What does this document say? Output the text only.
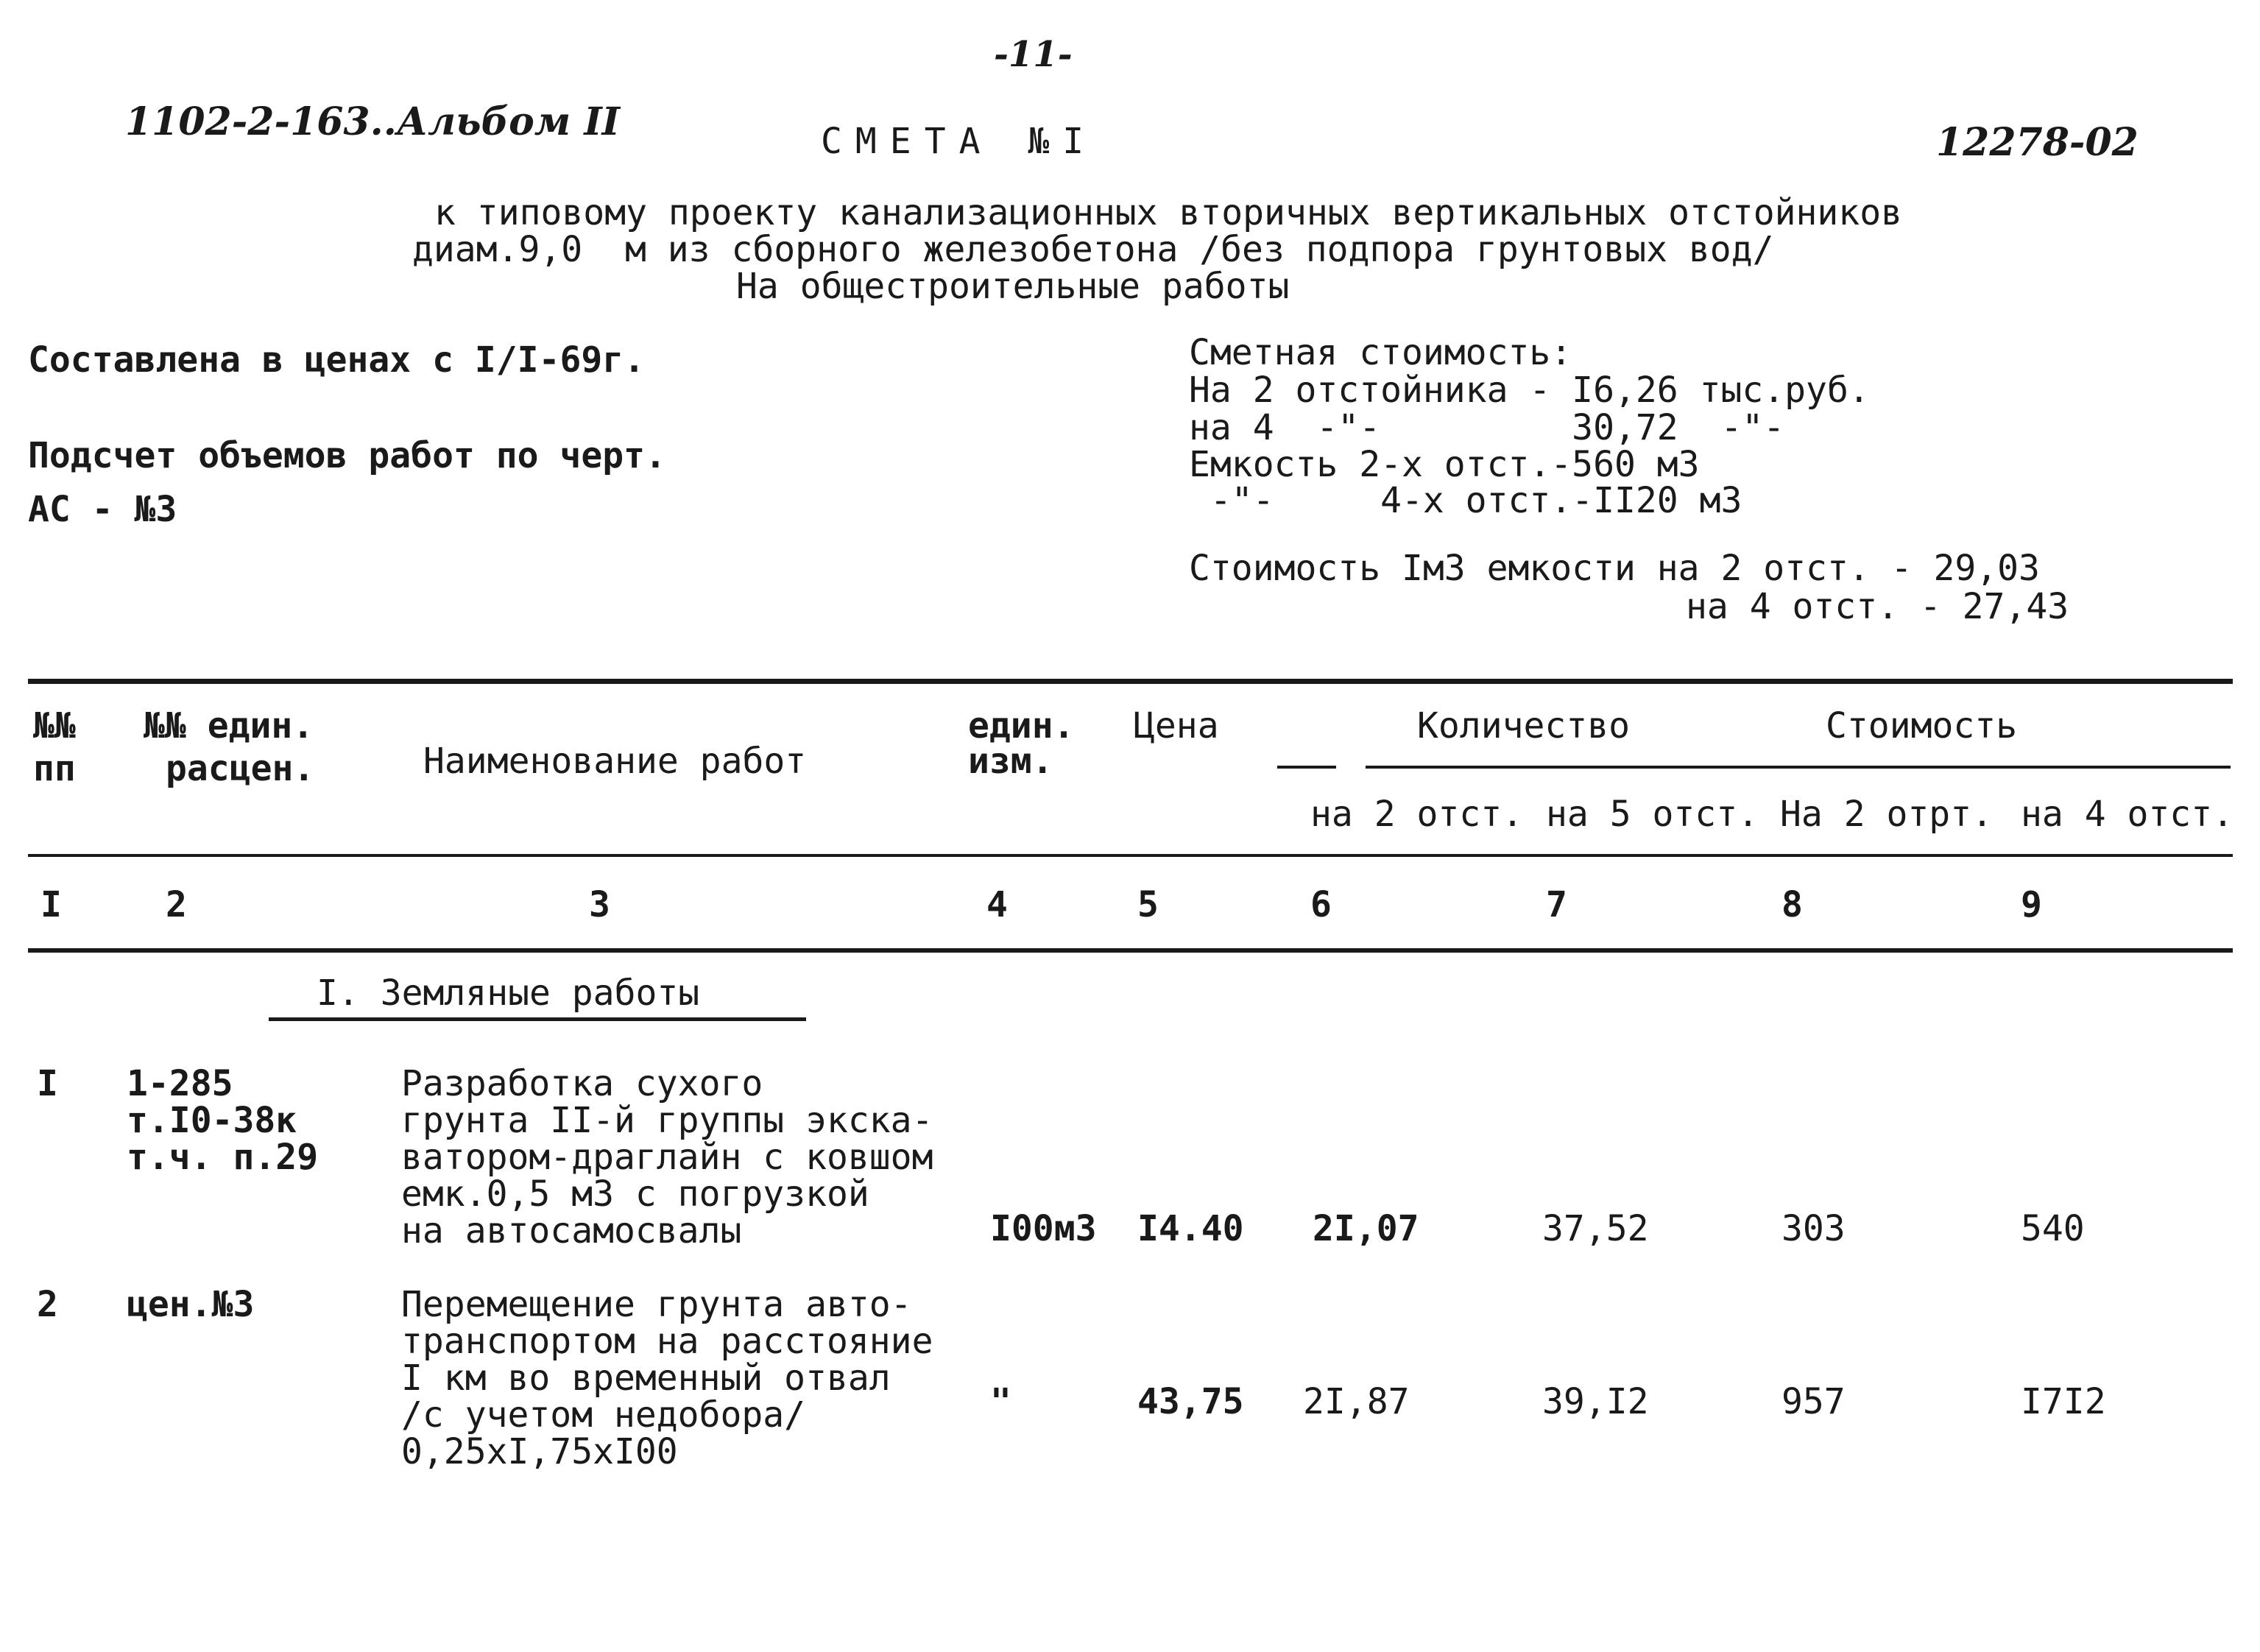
-11-
1102-2-163..Альбом II	12278-02
СМЕТА №I
к типовому проекту канализационных вторичных вертикальных отстойников
диам.9,0  м из сборного железобетона /без подпора грунтовых вод/
На общестроительные работы
Составлена в ценах с I/I-69г.
Подсчет объемов работ по черт.
АС - №3
Сметная стоимость:
На 2 отстойника - I6,26 тыс.руб.
на 4  -"-         30,72  -"-
Емкость 2-х отст.-560 м3
-"-     4-х отст.-II20 м3
Стоимость Iм3 емкости на 2 отст. - 29,03
на 4 отст. - 27,43
№№
пп
№№ един.
расцен.	Наименование работ
един.
изм.
Цена	Количество	Стоимость
на 2 отст. на 5 отст. На 2 отрт. на 4 отст.
I	2	3	4	5	6	7	8	9
I. Земляные работы
I 1-285
т.I0-38к
т.ч. п.29
Разработка сухого
грунта II-й группы экска-
ватором-драглайн с ковшом
емк.0,5 м3 с погрузкой
на автосамосвалы	I00м3 I4.40 2I,07	37,52	303	540
2 цен.№3	Перемещение грунта авто-
транспортом на расстояние
I км во временный отвал
/с учетом недобора/
0,25хI,75хI00
"	43,75 2I,87	39,I2	957	I7I2
